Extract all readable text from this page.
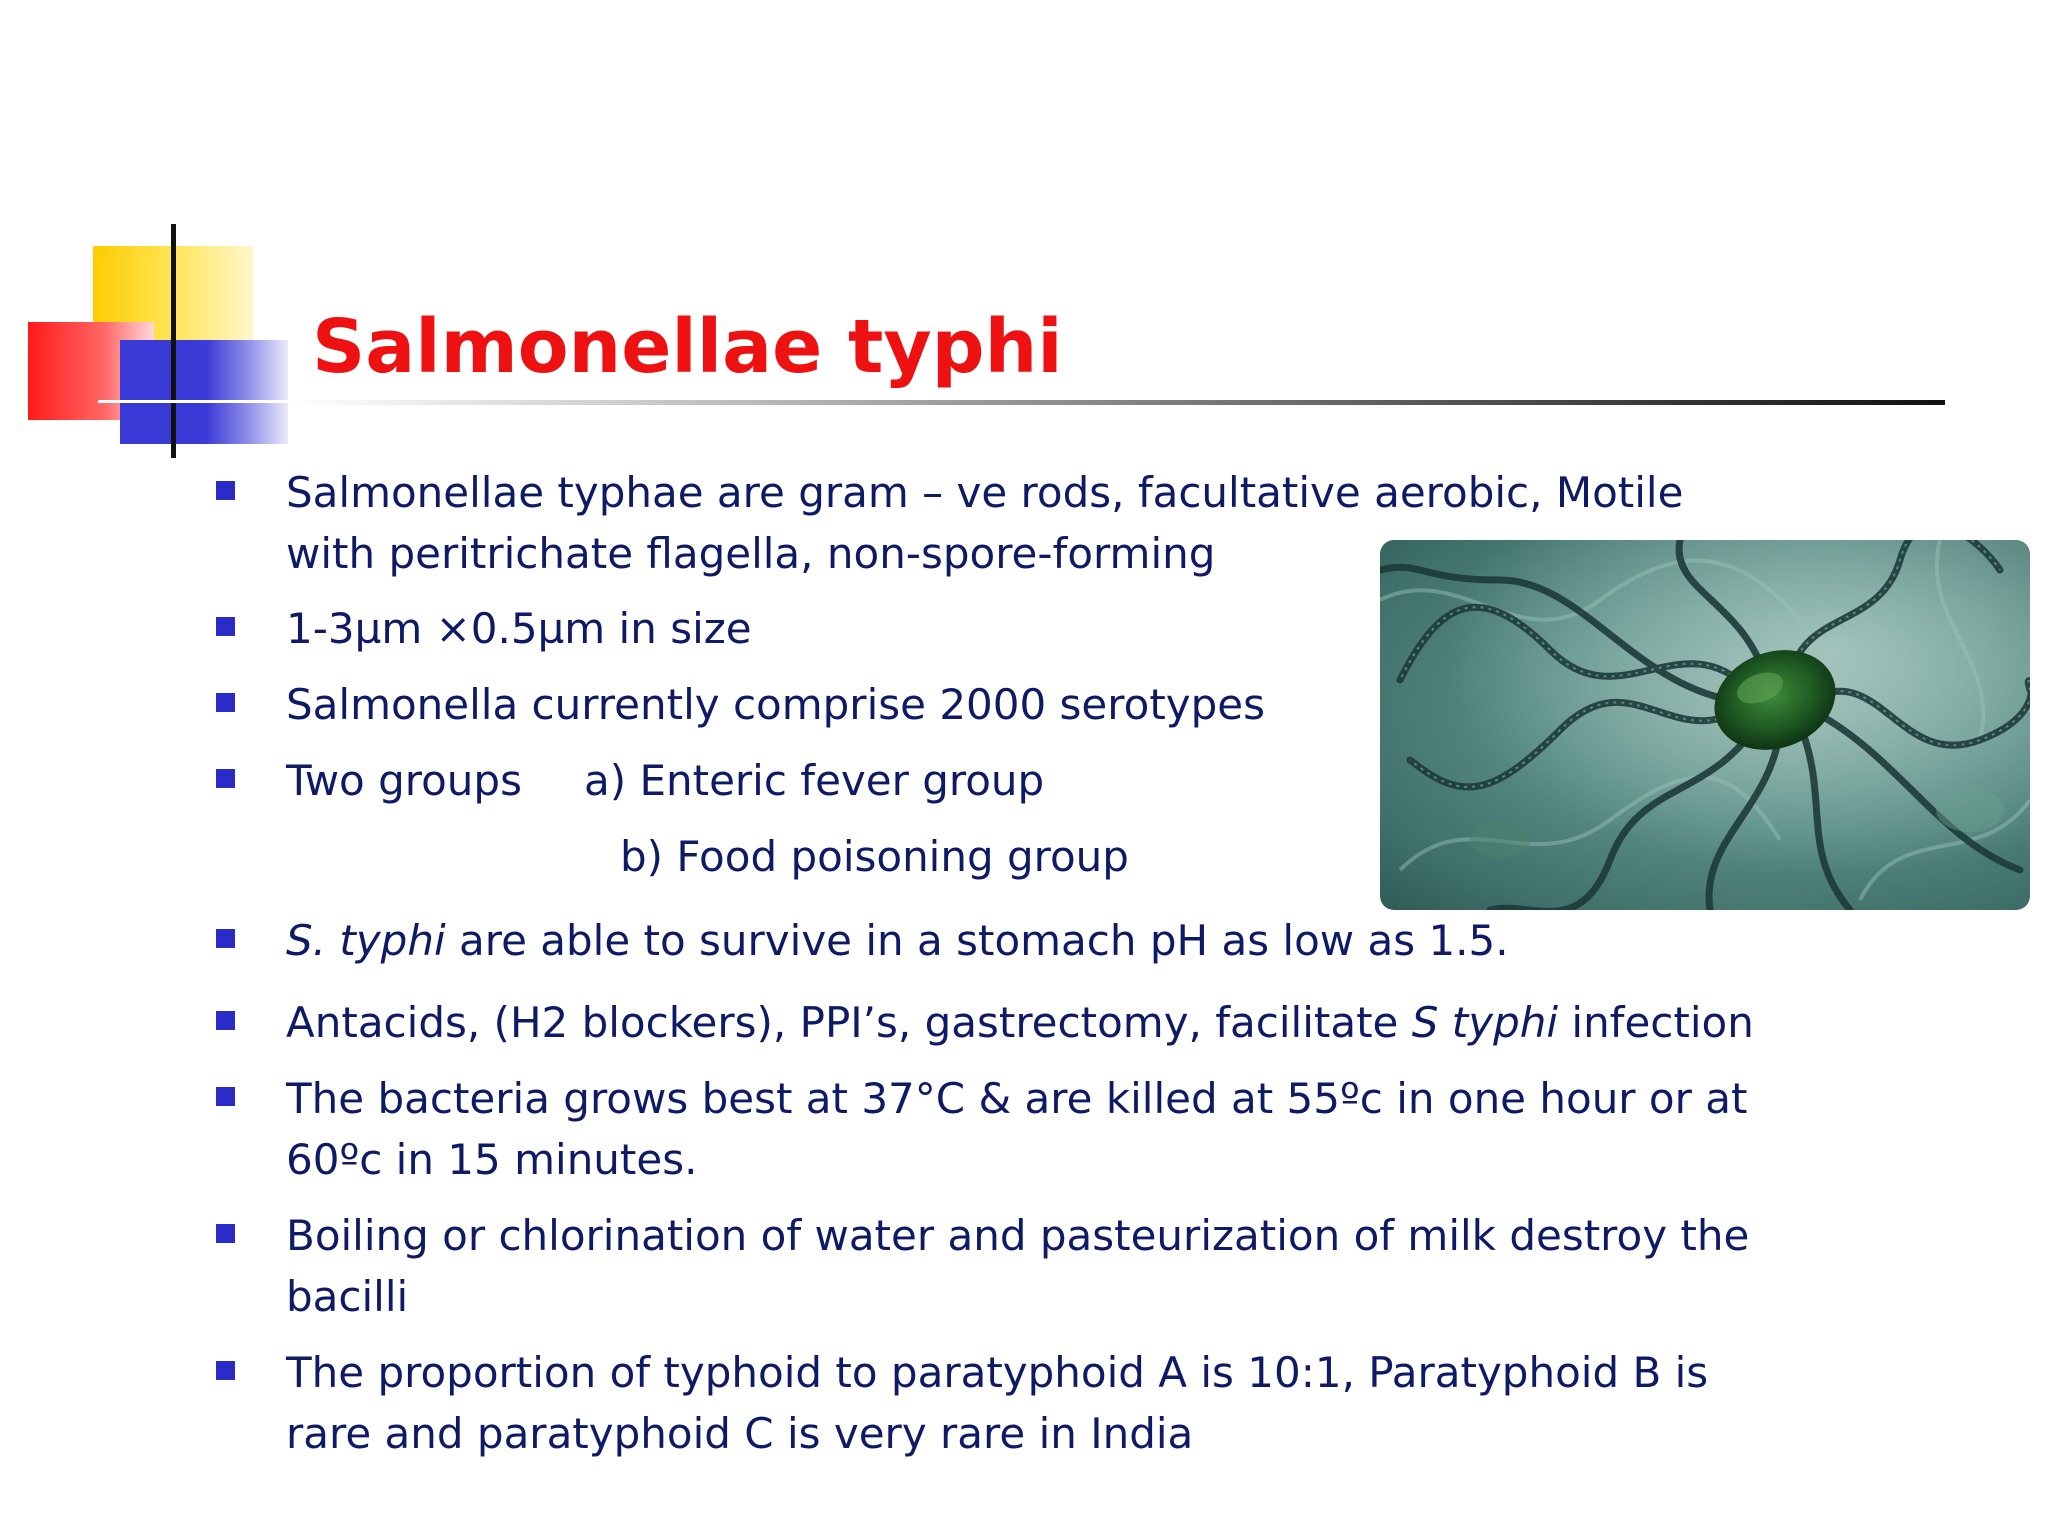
Salmonellae typhi
Salmonellae typhae are gram – ve rods, facultative aerobic, Motile
with peritrichate flagella, non-spore-forming
1-3µm ×0.5µm in size
Salmonella currently comprise 2000 serotypes
Two groups a) Enteric fever group
b) Food poisoning group
S. typhi are able to survive in a stomach pH as low as 1.5.
Antacids, (H2 blockers), PPI’s, gastrectomy, facilitate S typhi infection
The bacteria grows best at 37°C & are killed at 55ºc in one hour or at
60ºc in 15 minutes.
Boiling or chlorination of water and pasteurization of milk destroy the
bacilli
The proportion of typhoid to paratyphoid A is 10:1, Paratyphoid B is
rare and paratyphoid C is very rare in India
